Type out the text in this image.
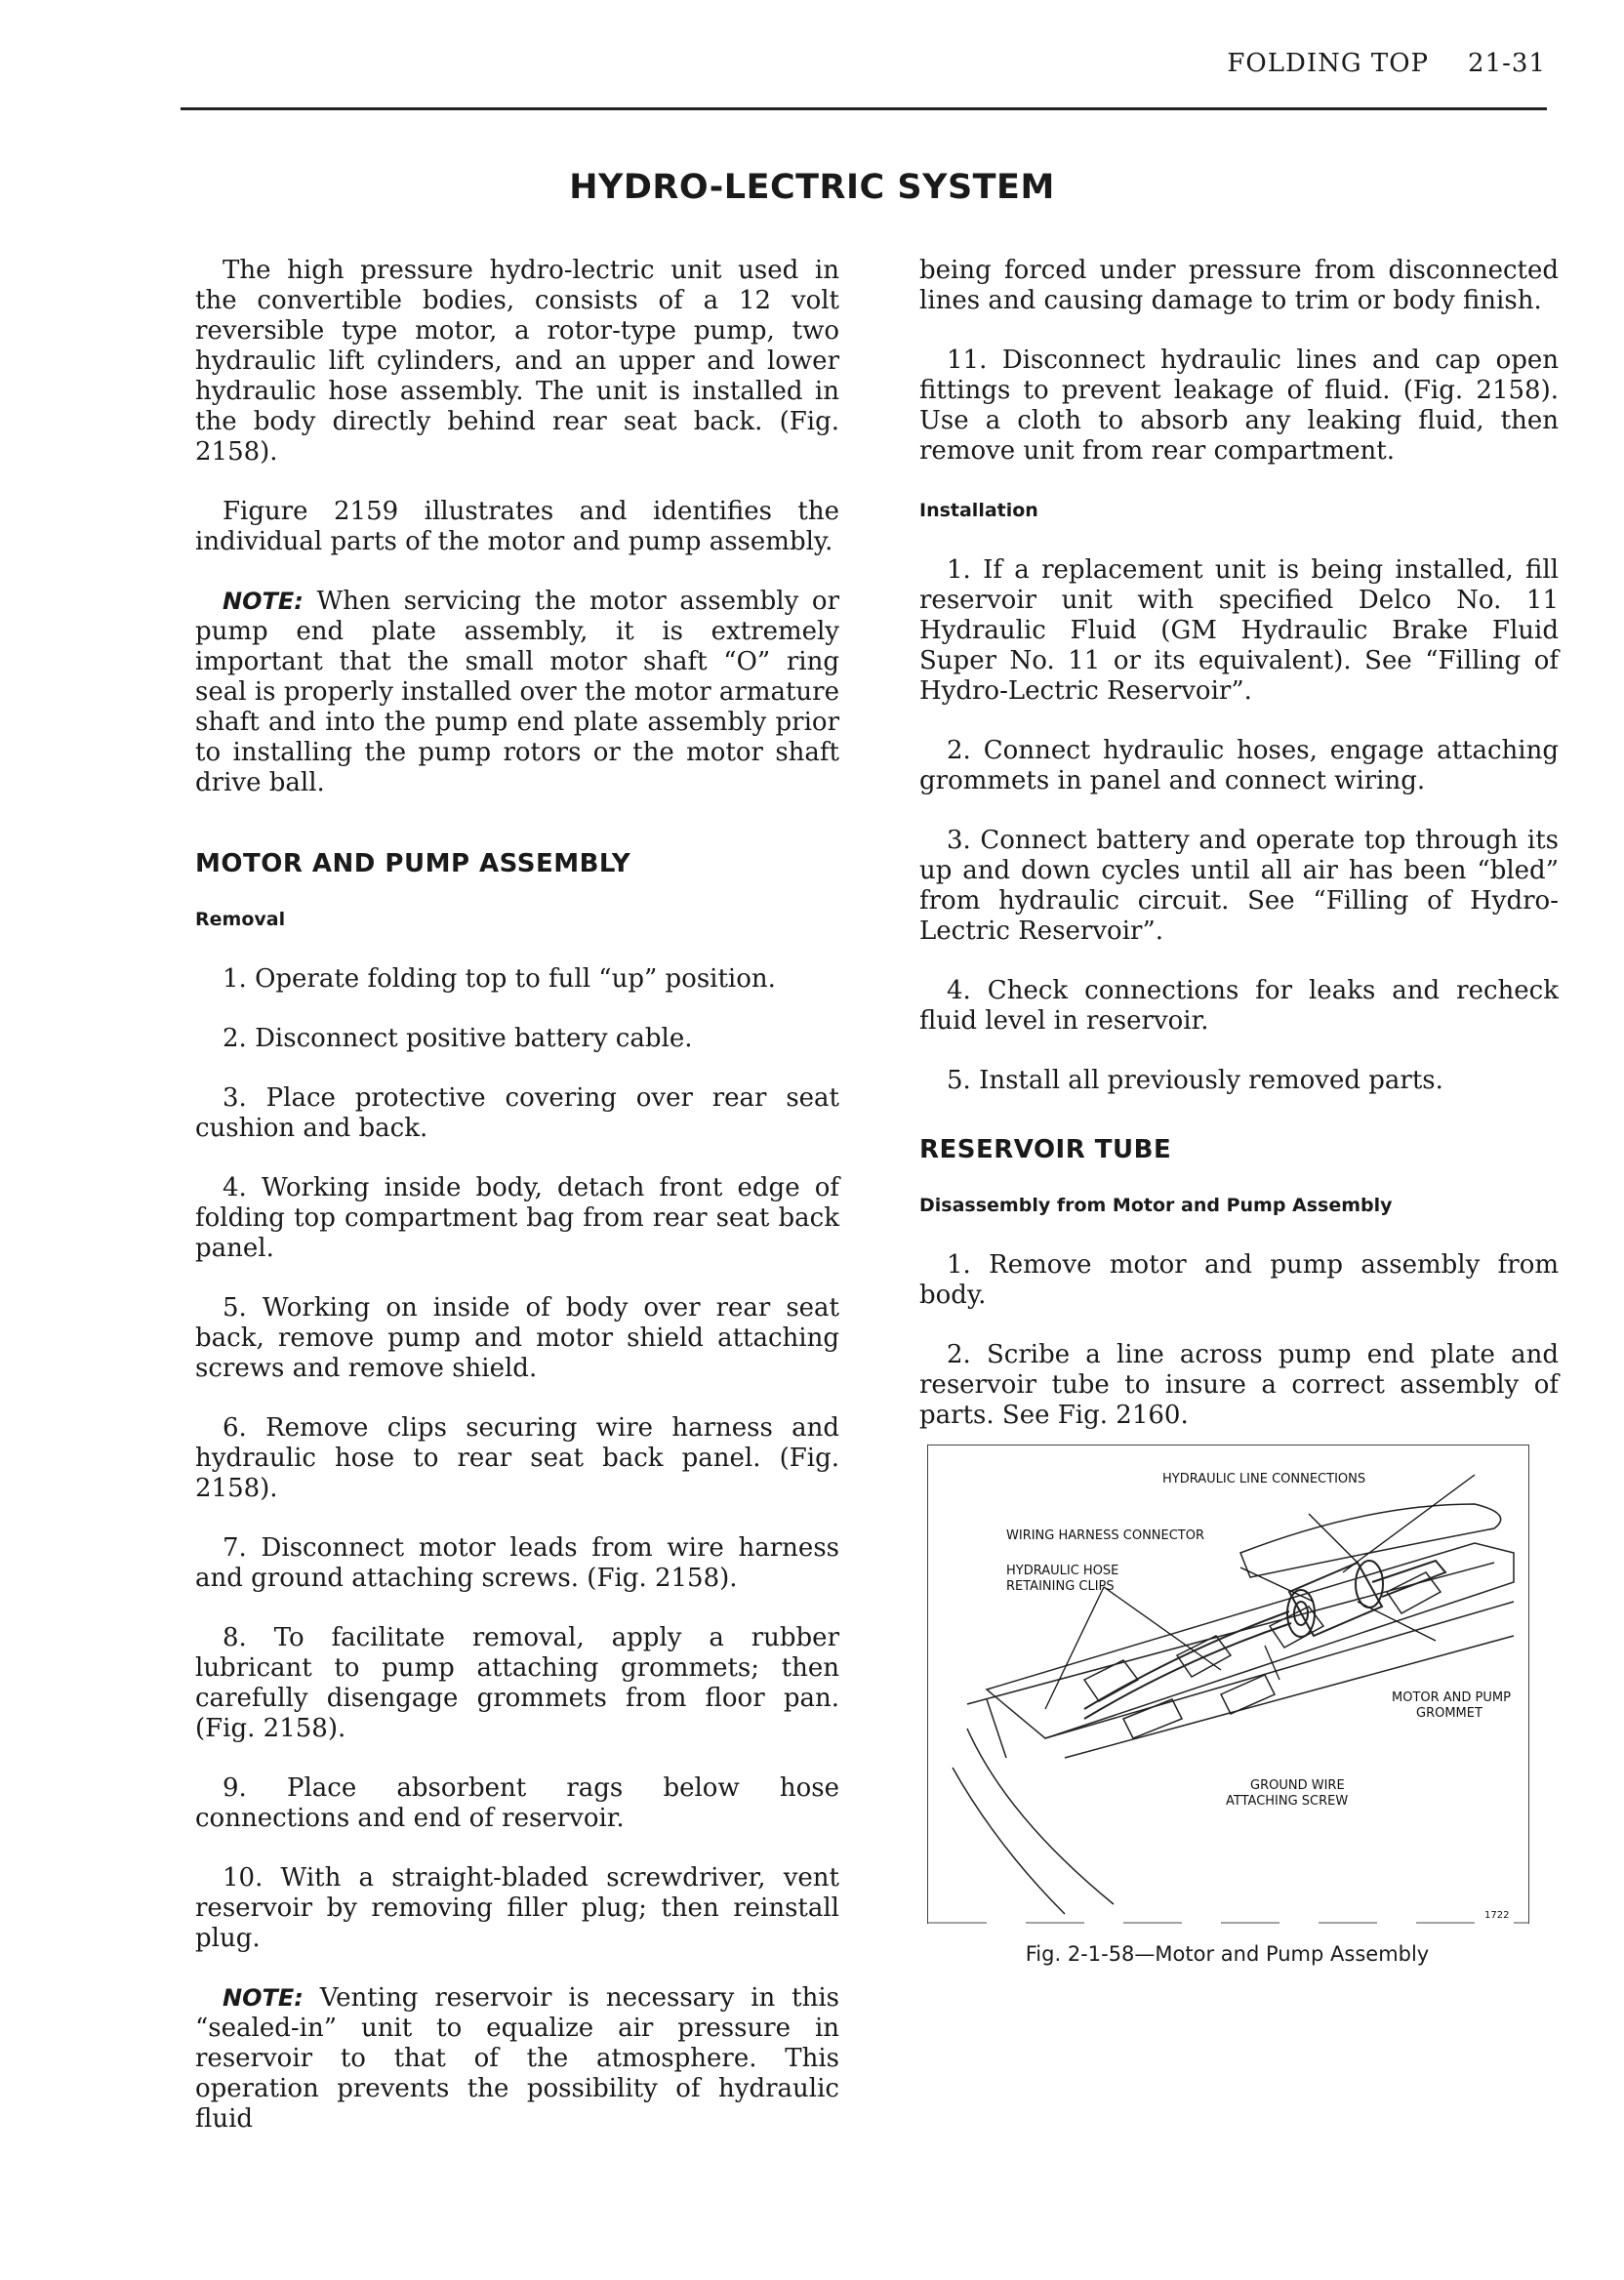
FOLDING TOP 21-31
HYDRO-LECTRIC SYSTEM

The high pressure hydro-lectric unit used in the convertible bodies, consists of a 12 volt reversible type motor, a rotor-type pump, two hydraulic lift cylinders, and an upper and lower hydraulic hose assembly. The unit is installed in the body directly behind rear seat back. (Fig. 2158).

Figure 2159 illustrates and identifies the individual parts of the motor and pump assembly.

NOTE: When servicing the motor assembly or pump end plate assembly, it is extremely important that the small motor shaft “O” ring seal is properly installed over the motor armature shaft and into the pump end plate assembly prior to installing the pump rotors or the motor shaft drive ball.

MOTOR AND PUMP ASSEMBLY
Removal

1. Operate folding top to full “up” position.

2. Disconnect positive battery cable.

3. Place protective covering over rear seat cushion and back.

4. Working inside body, detach front edge of folding top compartment bag from rear seat back panel.

5. Working on inside of body over rear seat back, remove pump and motor shield attaching screws and remove shield.

6. Remove clips securing wire harness and hydraulic hose to rear seat back panel. (Fig. 2158).

7. Disconnect motor leads from wire harness and ground attaching screws. (Fig. 2158).

8. To facilitate removal, apply a rubber lubricant to pump attaching grommets; then carefully disengage grommets from floor pan. (Fig. 2158).

9. Place absorbent rags below hose connections and end of reservoir.

10. With a straight-bladed screwdriver, vent reservoir by removing filler plug; then reinstall plug.

NOTE: Venting reservoir is necessary in this “sealed-in” unit to equalize air pressure in reservoir to that of the atmosphere. This operation prevents the possibility of hydraulic fluid

being forced under pressure from disconnected lines and causing damage to trim or body finish.

11. Disconnect hydraulic lines and cap open fittings to prevent leakage of fluid. (Fig. 2158). Use a cloth to absorb any leaking fluid, then remove unit from rear compartment.

Installation

1. If a replacement unit is being installed, fill reservoir unit with specified Delco No. 11 Hydraulic Fluid (GM Hydraulic Brake Fluid Super No. 11 or its equivalent). See “Filling of Hydro-Lectric Reservoir”.

2. Connect hydraulic hoses, engage attaching grommets in panel and connect wiring.

3. Connect battery and operate top through its up and down cycles until all air has been “bled” from hydraulic circuit. See “Filling of Hydro-Lectric Reservoir”.

4. Check connections for leaks and recheck fluid level in reservoir.

5. Install all previously removed parts.

RESERVOIR TUBE
Disassembly from Motor and Pump Assembly

1. Remove motor and pump assembly from body.

2. Scribe a line across pump end plate and reservoir tube to insure a correct assembly of parts. See Fig. 2160.

HYDRAULIC LINE CONNECTIONS
WIRING HARNESS CONNECTOR
HYDRAULIC HOSE
RETAINING CLIPS
MOTOR AND PUMP
GROMMET
GROUND WIRE
ATTACHING SCREW
1722
Fig. 2-1-58—Motor and Pump Assembly
